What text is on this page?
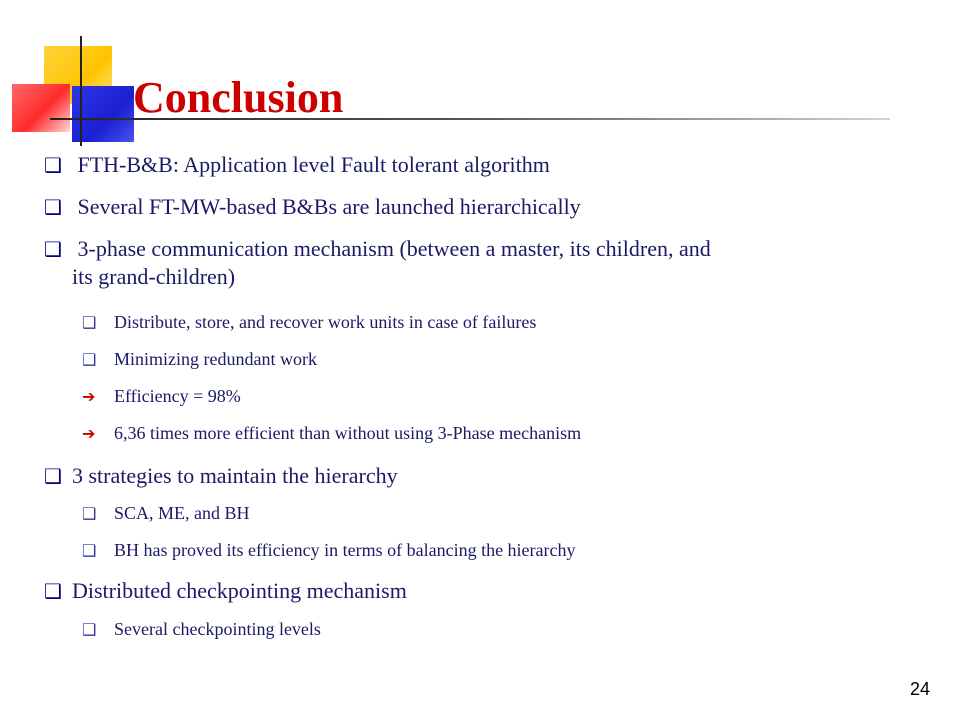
Conclusion
❑ FTH-B&B: Application level Fault tolerant algorithm
❑ Several FT-MW-based B&Bs are launched hierarchically
❑ 3-phase communication mechanism (between a master, its children, and
its grand-children)
❑ Distribute, store, and recover work units in case of failures
❑ Minimizing redundant work
➔ Efficiency = 98%
➔ 6,36 times more efficient than without using 3-Phase mechanism
❑ 3 strategies to maintain the hierarchy
❑ SCA, ME, and BH
❑ BH has proved its efficiency in terms of balancing the hierarchy
❑ Distributed checkpointing mechanism
❑ Several checkpointing levels
24
